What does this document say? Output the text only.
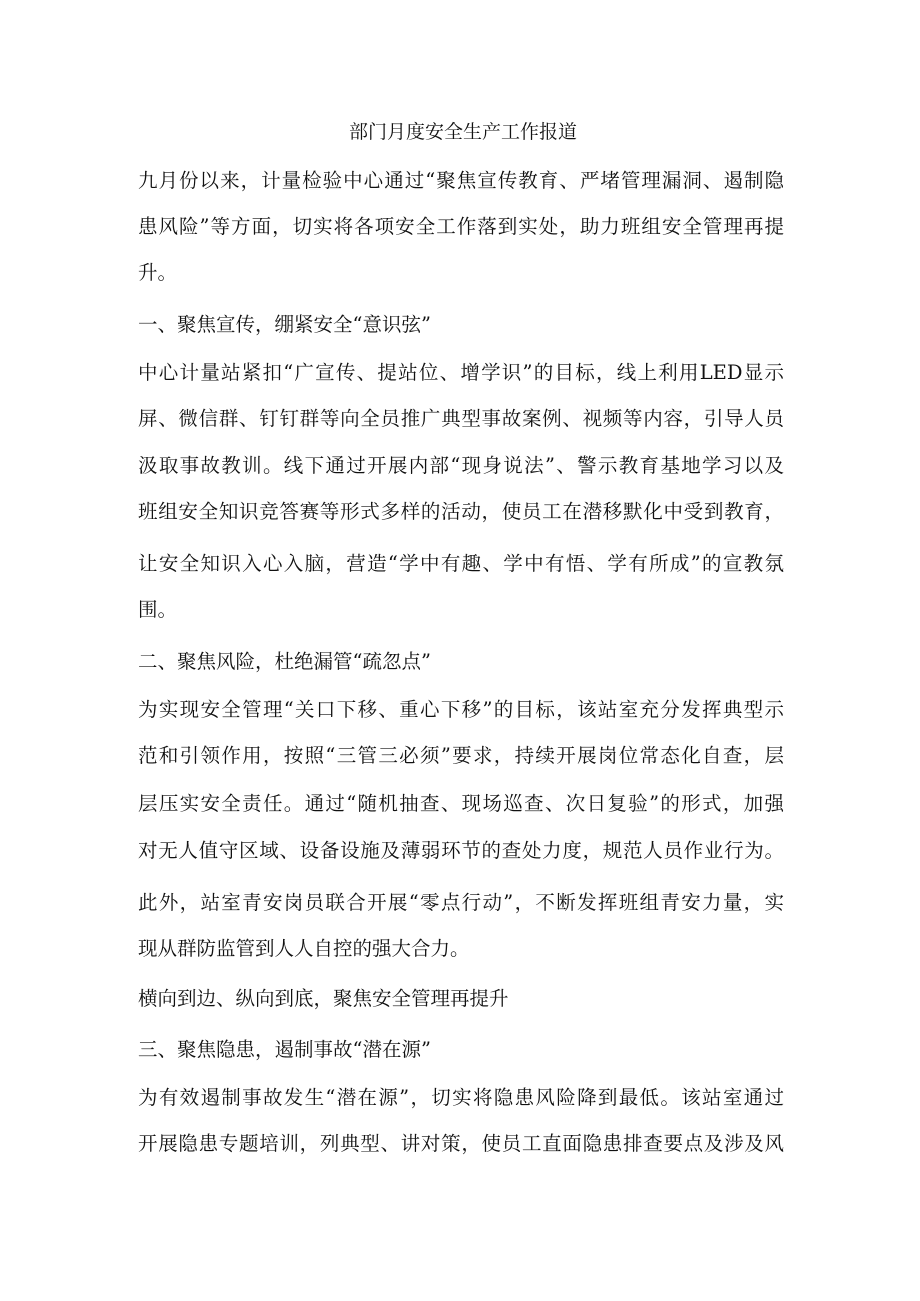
部门月度安全生产工作报道
九月份以来，计量检验中心通过“聚焦宣传教育、严堵管理漏洞、遏制隐
患风险”等方面，切实将各项安全工作落到实处，助力班组安全管理再提
升。
一、聚焦宣传，绷紧安全“意识弦”
中心计量站紧扣“广宣传、提站位、增学识”的目标，线上利用LED显示
屏、微信群、钉钉群等向全员推广典型事故案例、视频等内容，引导人员
汲取事故教训。线下通过开展内部“现身说法”、警示教育基地学习以及
班组安全知识竞答赛等形式多样的活动，使员工在潜移默化中受到教育，
让安全知识入心入脑，营造“学中有趣、学中有悟、学有所成”的宣教氛
围。
二、聚焦风险，杜绝漏管“疏忽点”
为实现安全管理“关口下移、重心下移”的目标，该站室充分发挥典型示
范和引领作用，按照“三管三必须”要求，持续开展岗位常态化自查，层
层压实安全责任。通过“随机抽查、现场巡查、次日复验”的形式，加强
对无人值守区域、设备设施及薄弱环节的查处力度，规范人员作业行为。
此外，站室青安岗员联合开展“零点行动”，不断发挥班组青安力量，实
现从群防监管到人人自控的强大合力。
横向到边、纵向到底，聚焦安全管理再提升
三、聚焦隐患，遏制事故“潜在源”
为有效遏制事故发生“潜在源”，切实将隐患风险降到最低。该站室通过
开展隐患专题培训，列典型、讲对策，使员工直面隐患排查要点及涉及风
